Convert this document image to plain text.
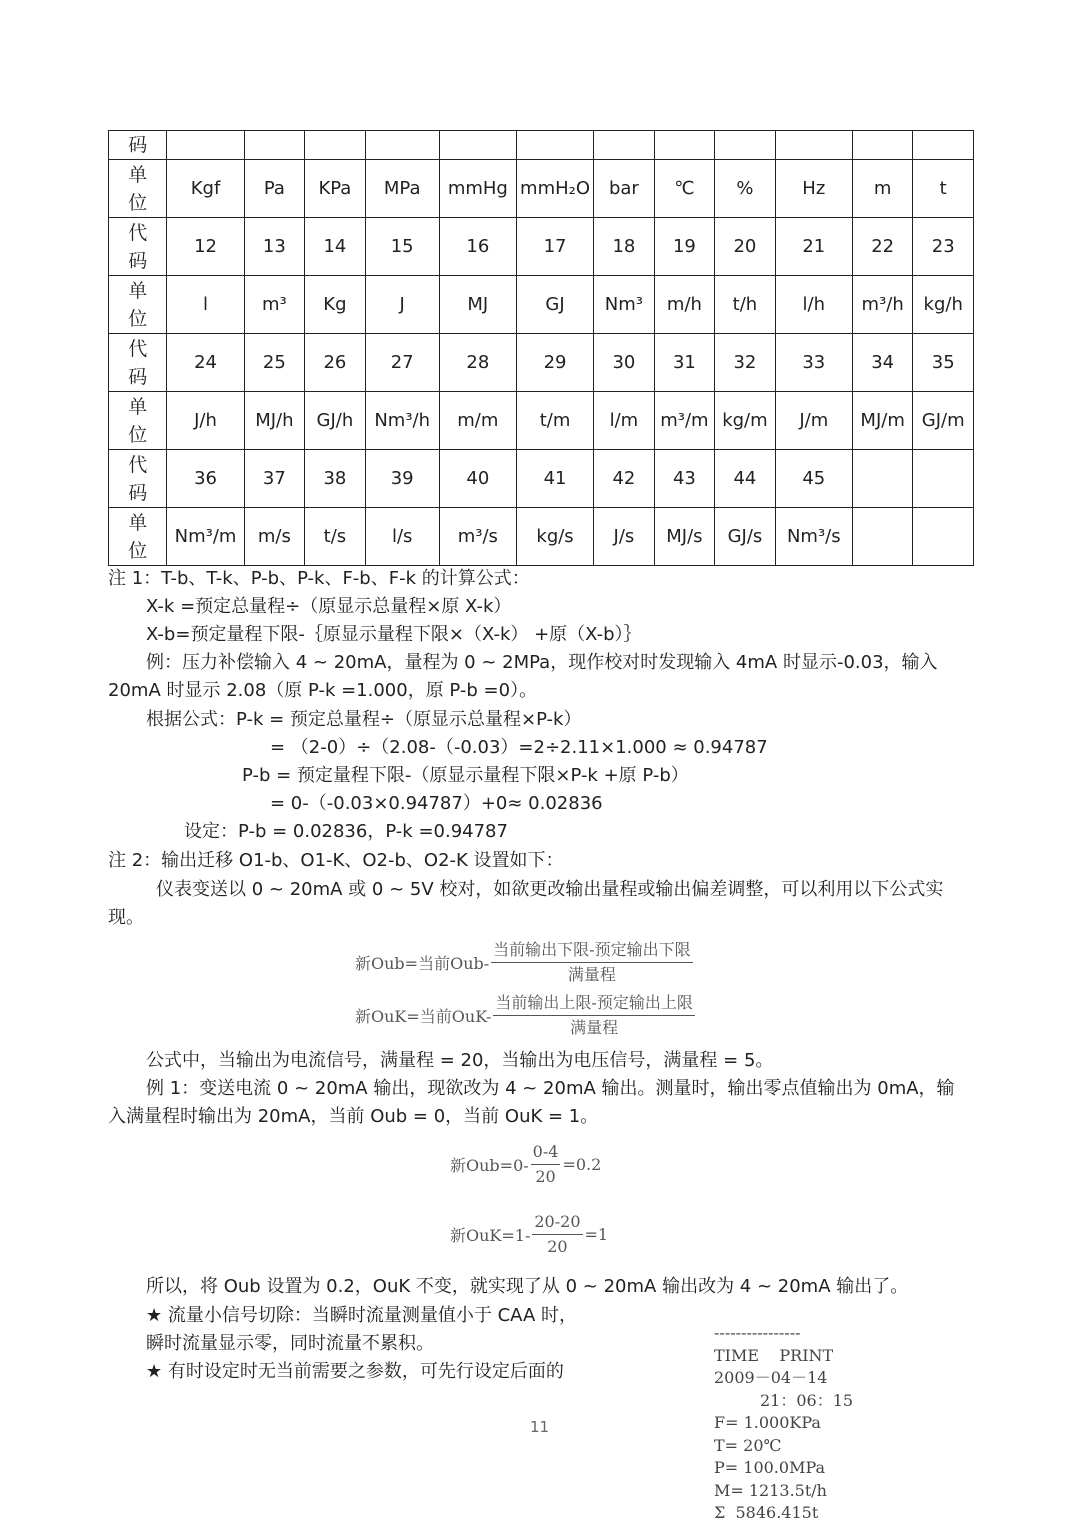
码												
单
位	Kgf	Pa	KPa	MPa	mmHg	mmH₂O	bar	℃	%	Hz	m	t
代
码	12	13	14	15	16	17	18	19	20	21	22	23
单
位	l	m³	Kg	J	MJ	GJ	Nm³	m/h	t/h	l/h	m³/h	kg/h
代
码	24	25	26	27	28	29	30	31	32	33	34	35
单
位	J/h	MJ/h	GJ/h	Nm³/h	m/m	t/m	l/m	m³/m	kg/m	J/m	MJ/m	GJ/m
代
码	36	37	38	39	40	41	42	43	44	45		
单
位	Nm³/m	m/s	t/s	l/s	m³/s	kg/s	J/s	MJ/s	GJ/s	Nm³/s		
注 1：T-b、T-k、P-b、P-k、F-b、F-k 的计算公式：
X-k =预定总量程÷（原显示总量程×原 X-k）
X-b=预定量程下限-｛原显示量程下限×（X-k） +原（X-b）｝
例：压力补偿输入 4 ~ 20mA，量程为 0 ~ 2MPa，现作校对时发现输入 4mA 时显示-0.03，输入
20mA 时显示 2.08（原 P-k =1.000，原 P-b =0）。
根据公式：P-k = 预定总量程÷（原显示总量程×P-k）
= （2-0）÷（2.08-（-0.03）=2÷2.11×1.000 ≈ 0.94787
P-b = 预定量程下限-（原显示量程下限×P-k +原 P-b）
= 0-（-0.03×0.94787）+0≈ 0.02836
设定：P-b = 0.02836，P-k =0.94787
注 2：输出迁移 O1-b、O1-K、O2-b、O2-K 设置如下：
仪表变送以 0 ~ 20mA 或 0 ~ 5V 校对，如欲更改输出量程或输出偏差调整，可以利用以下公式实
现。
新Oub=当前$Oub- \frac{\text{当前输出下限-预定输出下限}}{\text{满量程}}$
新OuK=当前$OuK- \frac{\text{当前输出上限-预定输出上限}}{\text{满量程}}$
公式中，当输出为电流信号，满量程 = 20，当输出为电压信号，满量程 = 5。
例 1：变送电流 0 ~ 20mA 输出，现欲改为 4 ~ 20mA 输出。测量时，输出零点值输出为 0mA，输
入满量程时输出为 20mA，当前 Oub = 0，当前 OuK = 1。
新$Oub=0- \frac{0-4}{20} =0.2$
新$OuK=1- \frac{20-20}{20} =1$
所以，将 Oub 设置为 0.2，OuK 不变，就实现了从 0 ~ 20mA 输出改为 4 ~ 20mA 输出了。
★ 流量小信号切除：当瞬时流量测量值小于 CAA 时，
瞬时流量显示零，同时流量不累积。
★ 有时设定时无当前需要之参数，可先行设定后面的
----------------
TIME    PRINT
2009－04－14
21：06：15
F= 1.000KPa
T= 20℃
P= 100.0MPa
M= 1213.5t/h
Σ  5846.415t
11
